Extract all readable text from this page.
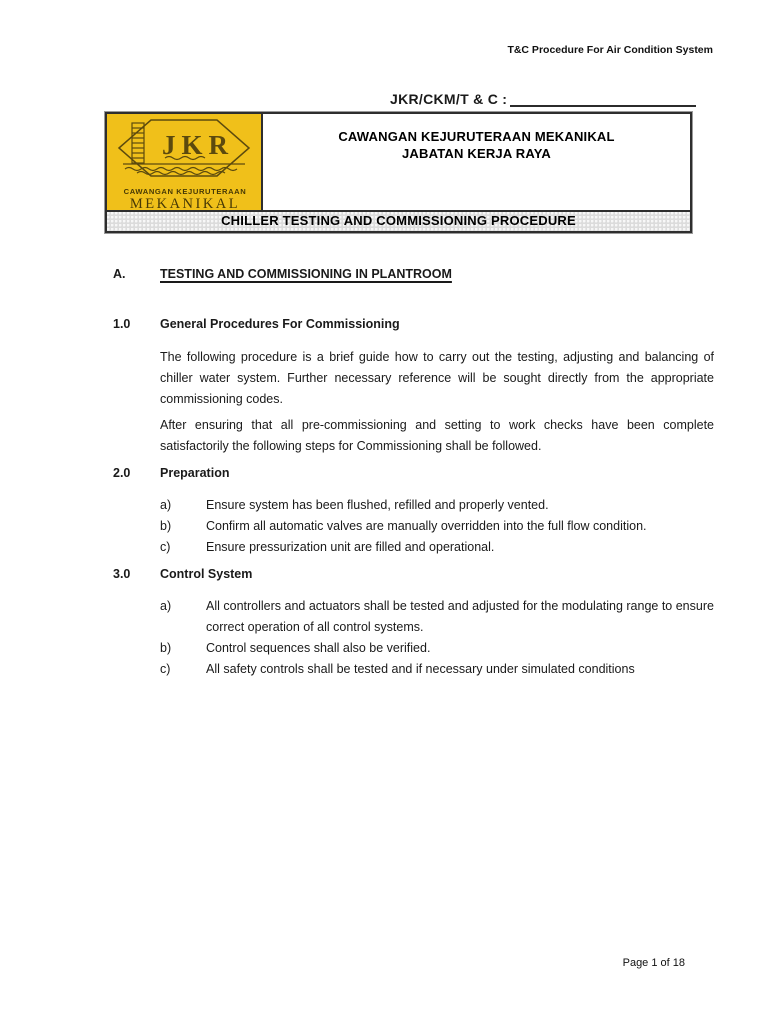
T&C Procedure For Air Condition System
JKR/CKM/T & C :
JKR
CAWANGAN KEJURUTERAAN
MEKANIKAL
CAWANGAN KEJURUTERAAN MEKANIKAL
JABATAN KERJA RAYA
CHILLER TESTING AND COMMISSIONING PROCEDURE
A.	TESTING AND COMMISSIONING IN PLANTROOM
1.0	General Procedures For Commissioning
The following procedure is a brief guide how to carry out the testing, adjusting and balancing of chiller water system. Further necessary reference will be sought directly from the appropriate commissioning codes.
After ensuring that all pre-commissioning and setting to work checks have been complete satisfactorily the following steps for Commissioning shall be followed.
2.0	Preparation
a)	Ensure system has been flushed, refilled and properly vented.
b)	Confirm all automatic valves are manually overridden into the full flow condition.
c)	Ensure pressurization unit are filled and operational.
3.0	Control System
a)	All controllers and actuators shall be tested and adjusted for the modulating range to ensure correct operation of all control systems.
b)	Control sequences shall also be verified.
c)	All safety controls shall be tested and if necessary under simulated conditions
Page 1 of 18
